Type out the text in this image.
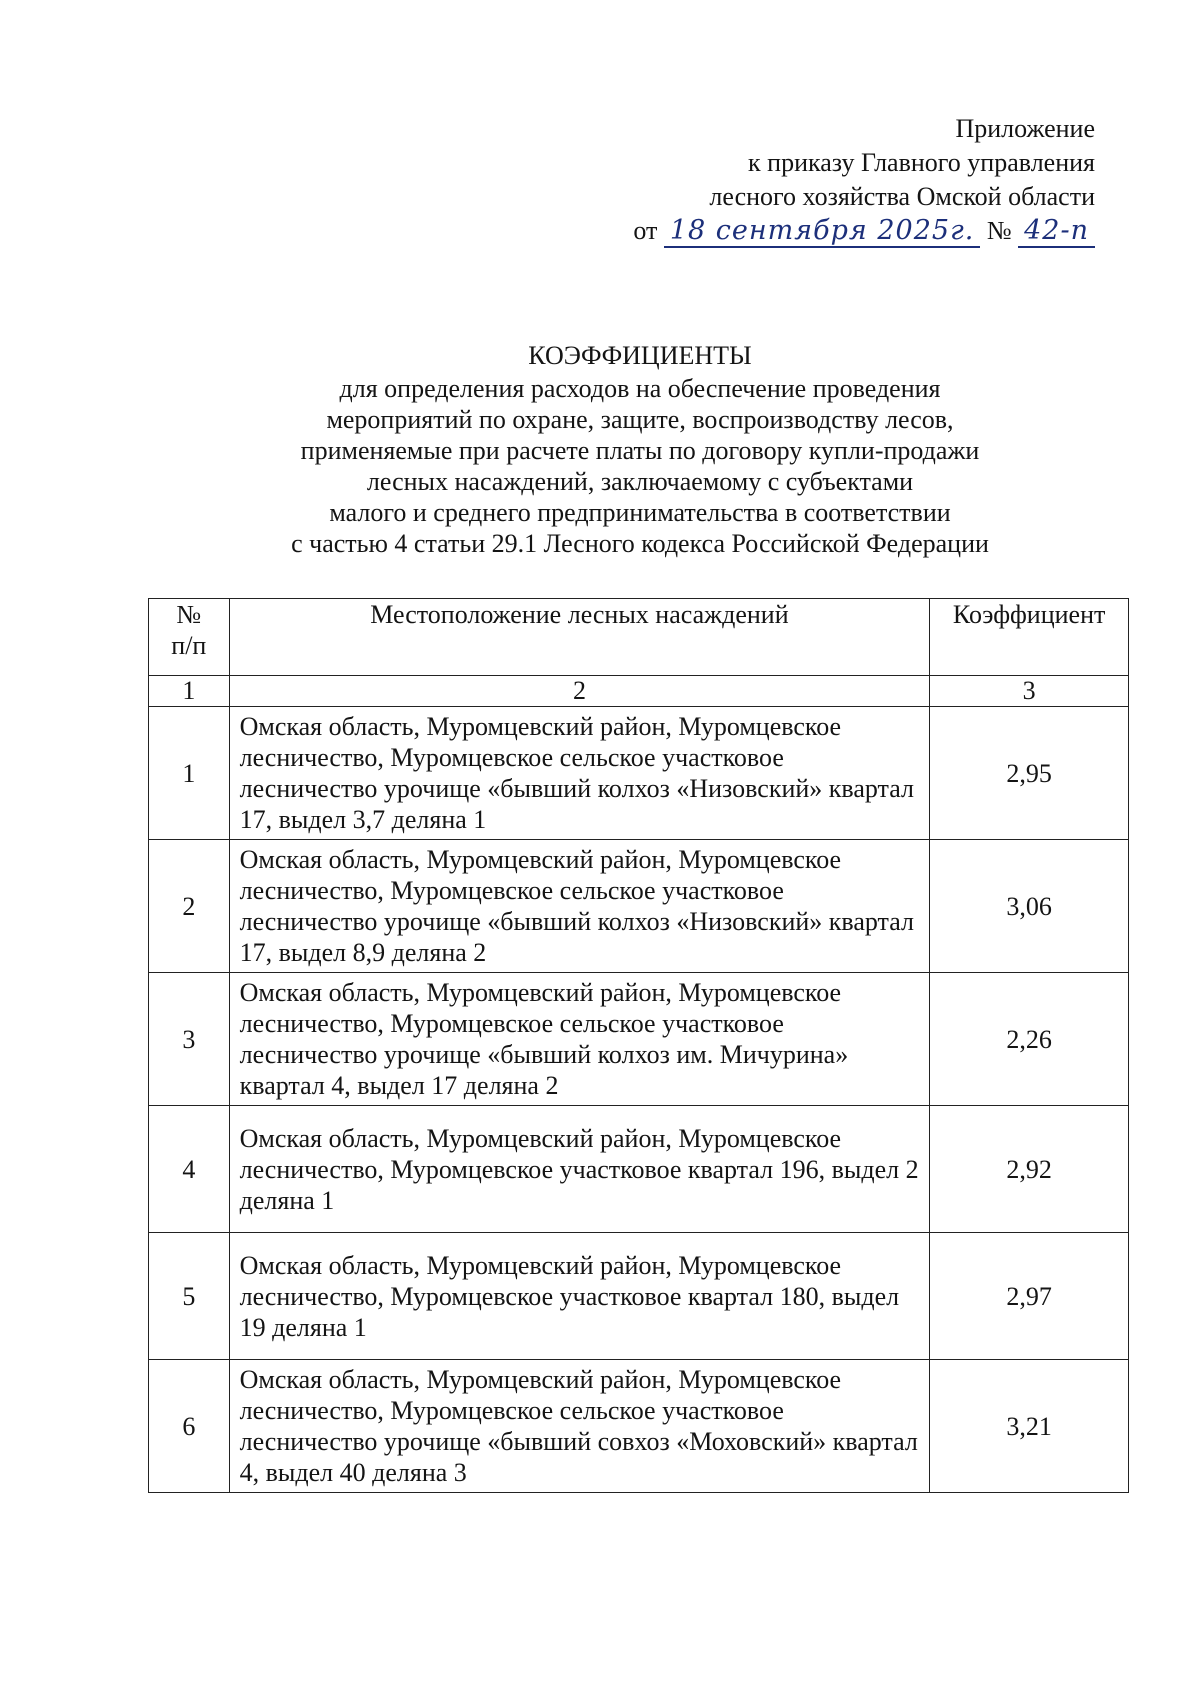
Приложение
к приказу Главного управления
лесного хозяйства Омской области
от 18 сентября 2025г. № 42-п
КОЭФФИЦИЕНТЫ
для определения расходов на обеспечение проведения
мероприятий по охране, защите, воспроизводству лесов,
применяемые при расчете платы по договору купли-продажи
лесных насаждений, заключаемому с субъектами
малого и среднего предпринимательства в соответствии
с частью 4 статьи 29.1 Лесного кодекса Российской Федерации
№
п/п	Местоположение лесных насаждений	Коэффициент
1	2	3
1	Омская область, Муромцевский район, Муромцевское лесничество, Муромцевское сельское участковое лесничество урочище «бывший колхоз «Низовский» квартал 17, выдел 3,7 деляна 1	2,95
2	Омская область, Муромцевский район, Муромцевское лесничество, Муромцевское сельское участковое лесничество урочище «бывший колхоз «Низовский» квартал 17, выдел 8,9 деляна 2	3,06
3	Омская область, Муромцевский район, Муромцевское лесничество, Муромцевское сельское участковое лесничество урочище «бывший колхоз им. Мичурина» квартал 4, выдел 17 деляна 2	2,26
4	Омская область, Муромцевский район, Муромцевское лесничество, Муромцевское участковое квартал 196, выдел 2 деляна 1	2,92
5	Омская область, Муромцевский район, Муромцевское лесничество, Муромцевское участковое квартал 180, выдел 19 деляна 1	2,97
6	Омская область, Муромцевский район, Муромцевское лесничество, Муромцевское сельское участковое лесничество урочище «бывший совхоз «Моховский» квартал 4, выдел 40 деляна 3	3,21
